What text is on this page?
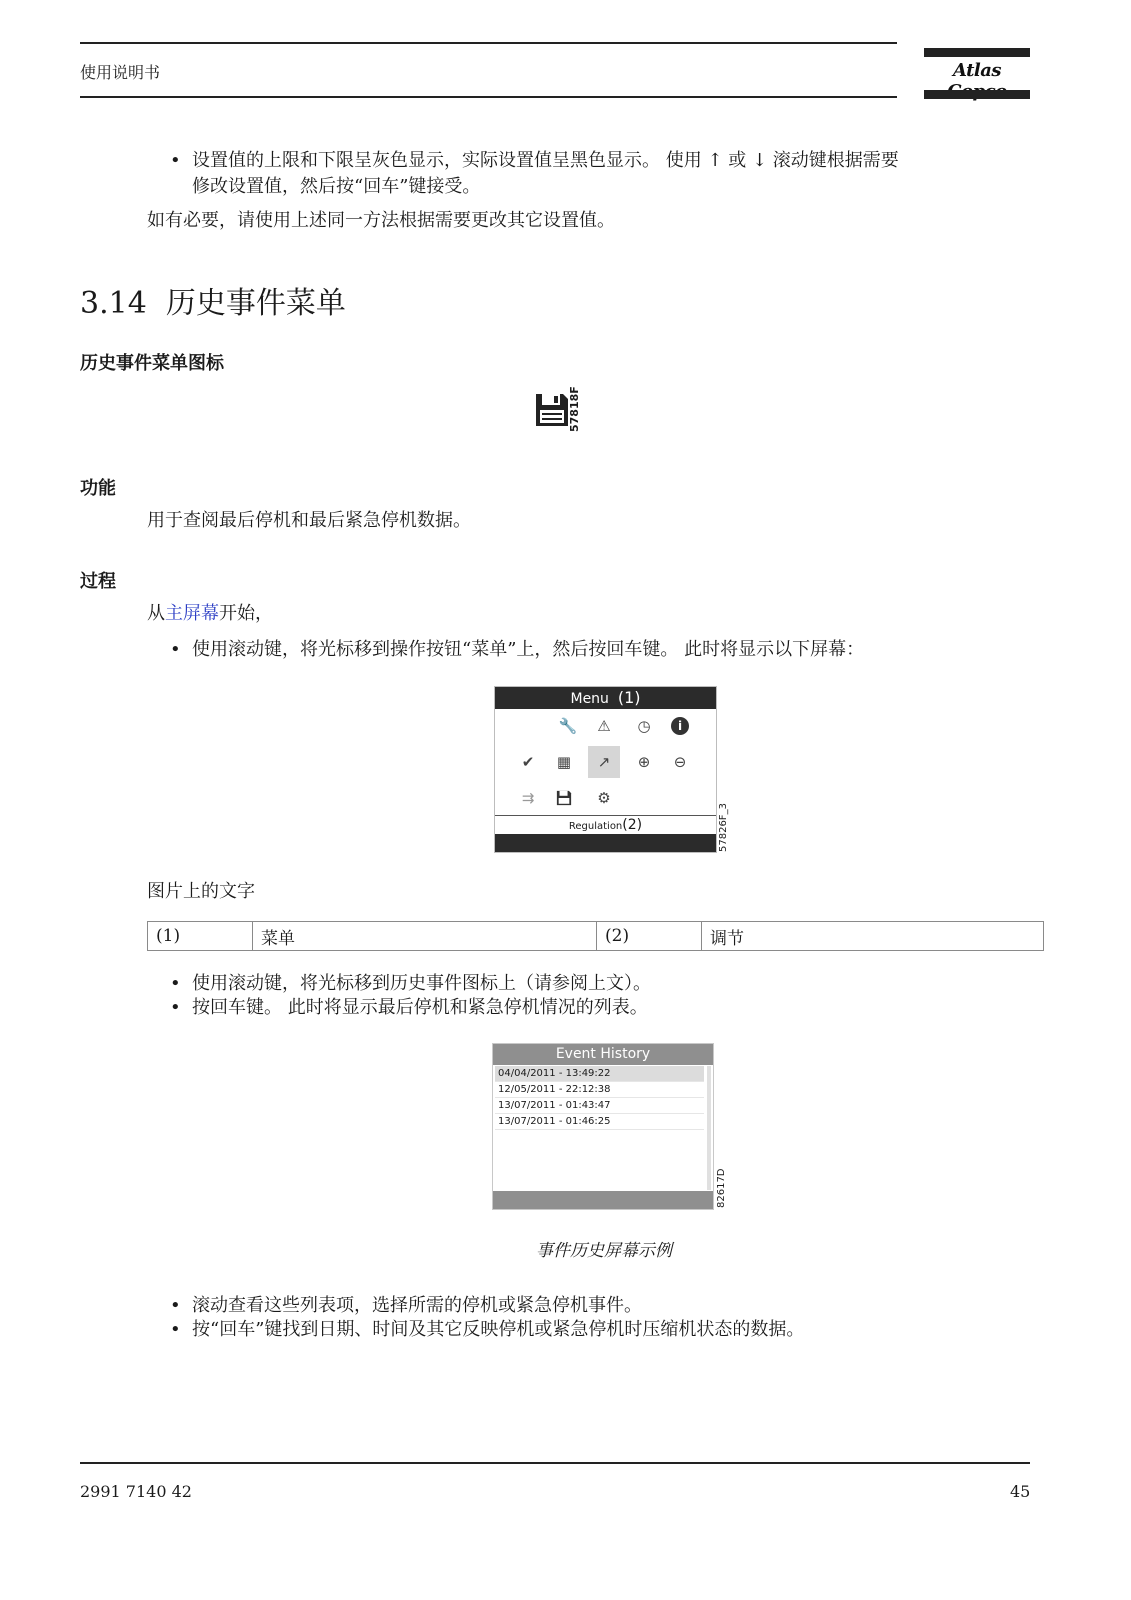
使用说明书	Atlas
• 设置值的上限和下限呈灰色显示，实际设置值呈黑色显示。 使用 ↑ 或 ↓ 滚动键根据需要
修改设置值，然后按“回车”键接受。
如有必要，请使用上述同一方法根据需要更改其它设置值。
3.14 历史事件菜单
历史事件菜单图标
57818F
功能
用于查阅最后停机和最后紧急停机数据。
过程
从主屏幕开始，
• 使用滚动键，将光标移到操作按钮“菜单”上，然后按回车键。 此时将显示以下屏幕：
Menu (1)
🔧 ⚠ ◷	i
✔	▦	↗	⊕	⊖
⇉	⚙
Regulation(2)	57826F_3
图片上的文字
(1)	菜单	(2)	调节
• 使用滚动键，将光标移到历史事件图标上（请参阅上文）。
• 按回车键。 此时将显示最后停机和紧急停机情况的列表。
Event History
04/04/2011 - 13:49:22
12/05/2011 - 22:12:38
13/07/2011 - 01:43:47
13/07/2011 - 01:46:25
82617D
事件历史屏幕示例
• 滚动查看这些列表项，选择所需的停机或紧急停机事件。
• 按“回车”键找到日期、时间及其它反映停机或紧急停机时压缩机状态的数据。
2991 7140 42	45
